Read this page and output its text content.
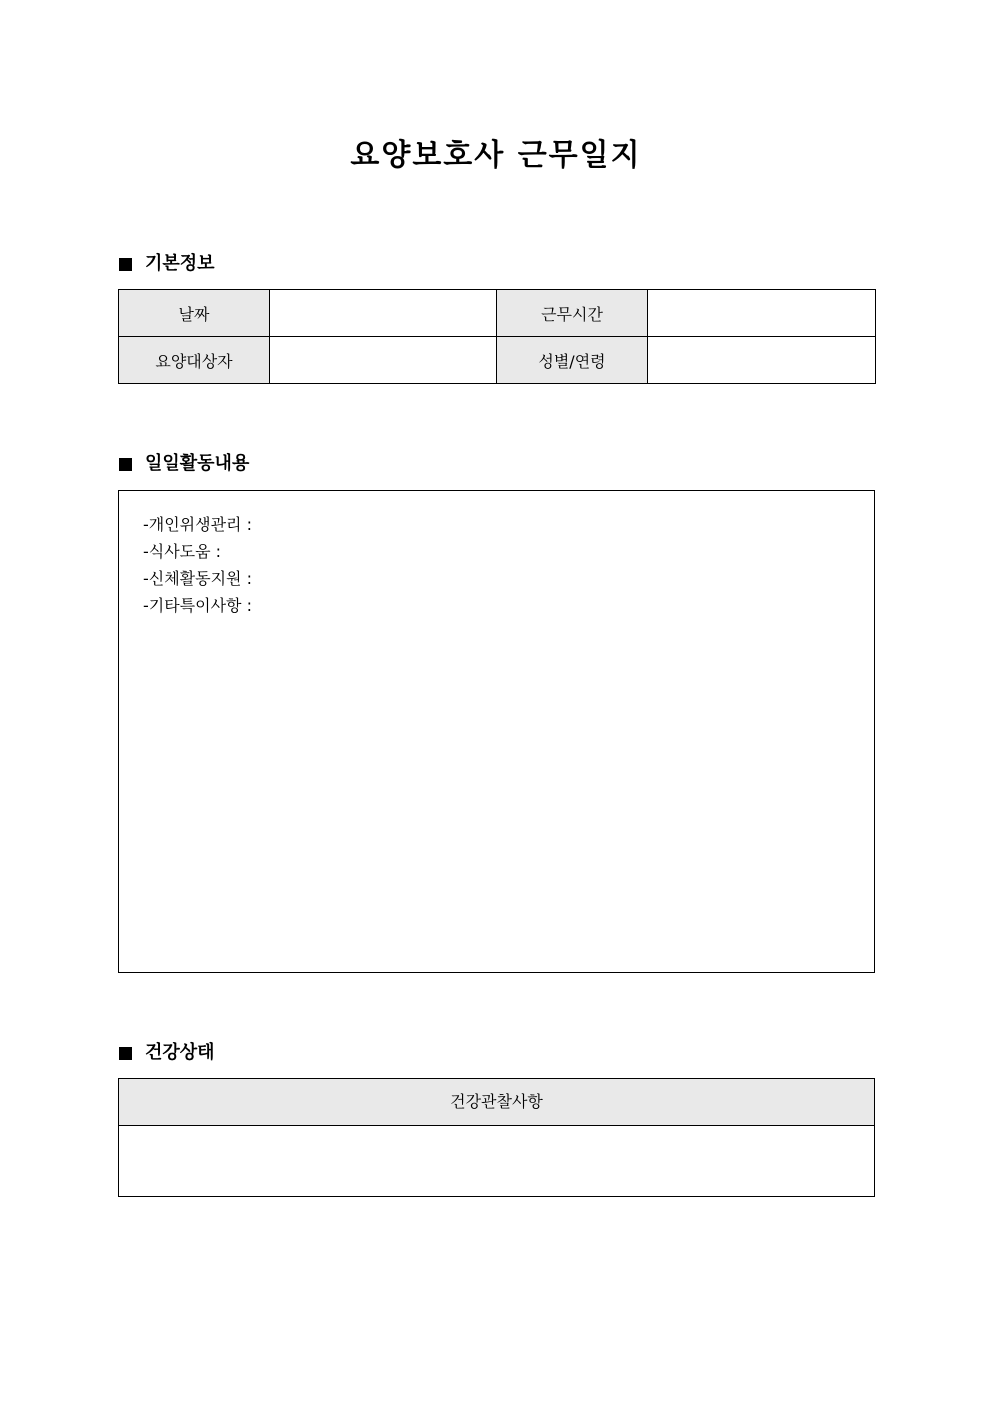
요양보호사 근무일지
기본정보
날짜		근무시간	
요양대상자		성별/연령	
일일활동내용
-개인위생관리 :
-식사도움 :
-신체활동지원 :
-기타특이사항 :
건강상태
건강관찰사항
